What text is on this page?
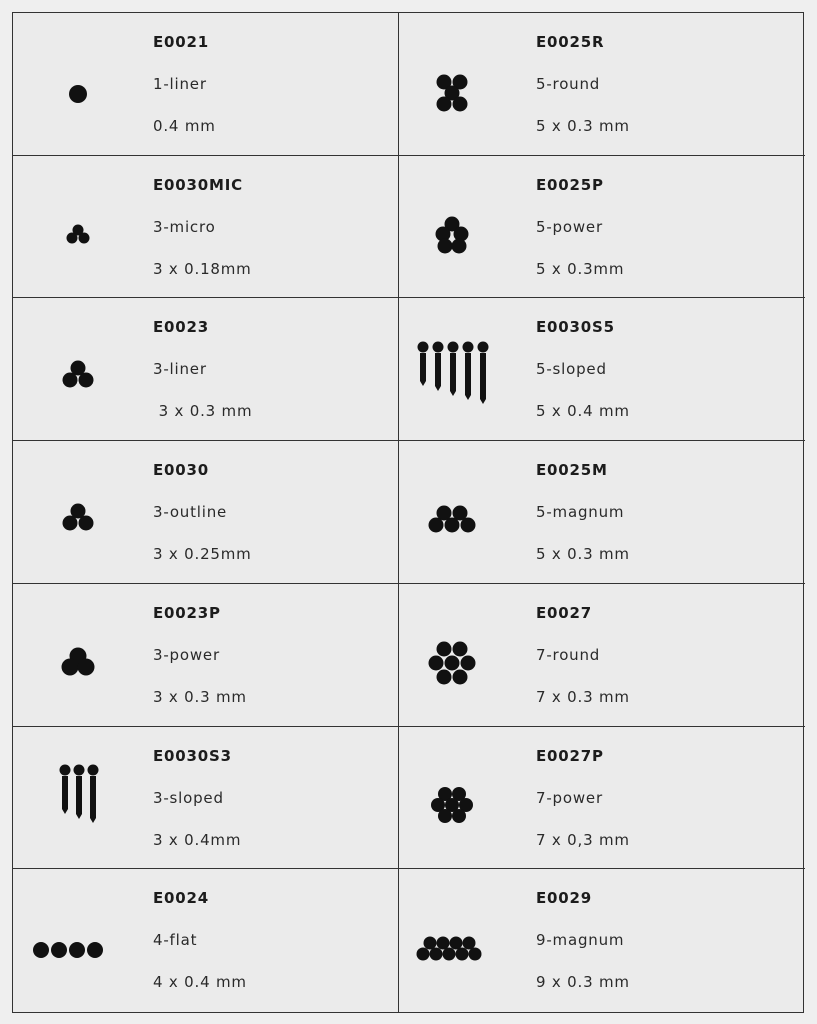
E0021
1-liner
0.4 mm
E0025R
5-round
5 x 0.3 mm
E0030MIC
3-micro
3 x 0.18mm
E0025P
5-power
5 x 0.3mm
E0023
3-liner
3 x 0.3 mm
E0030S5
5-sloped
5 x 0.4 mm
E0030
3-outline
3 x 0.25mm
E0025M
5-magnum
5 x 0.3 mm
E0023P
3-power
3 x 0.3 mm
E0027
7-round
7 x 0.3 mm
E0030S3
3-sloped
3 x 0.4mm
E0027P
7-power
7 x 0,3 mm
E0024
4-flat
4 x 0.4 mm
E0029
9-magnum
9 x 0.3 mm
